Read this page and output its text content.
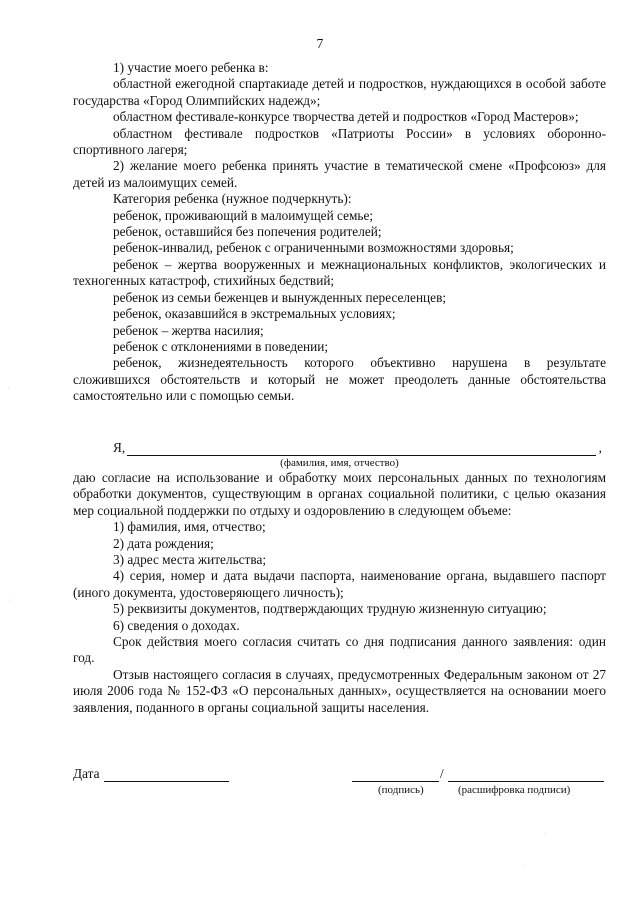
7
1) участие моего ребенка в:
областной ежегодной спартакиаде детей и подростков, нуждающихся в особой заботе государства «Город Олимпийских надежд»;
областном фестивале-конкурсе творчества детей и подростков «Город Мастеров»;
областном фестивале подростков «Патриоты России» в условиях оборонно-спортивного лагеря;
2) желание моего ребенка принять участие в тематической смене «Профсоюз» для детей из малоимущих семей.
Категория ребенка (нужное подчеркнуть):
ребенок, проживающий в малоимущей семье;
ребенок, оставшийся без попечения родителей;
ребенок-инвалид, ребенок с ограниченными возможностями здоровья;
ребенок – жертва вооруженных и межнациональных конфликтов, экологических и техногенных катастроф, стихийных бедствий;
ребенок из семьи беженцев и вынужденных переселенцев;
ребенок, оказавшийся в экстремальных условиях;
ребенок – жертва насилия;
ребенок с отклонениями в поведении;
ребенок, жизнедеятельность которого объективно нарушена в результате сложившихся обстоятельств и который не может преодолеть данные обстоятельства самостоятельно или с помощью семьи.
Я,	,
(фамилия, имя, отчество)
даю согласие на использование и обработку моих персональных данных по технологиям обработки документов, существующим в органах социальной политики, с целью оказания мер социальной поддержки по отдыху и оздоровлению в следующем объеме:
1) фамилия, имя, отчество;
2) дата рождения;
3) адрес места жительства;
4) серия, номер и дата выдачи паспорта, наименование органа, выдавшего паспорт (иного документа, удостоверяющего личность);
5) реквизиты документов, подтверждающих трудную жизненную ситуацию;
6) сведения о доходах.
Срок действия моего согласия считать со дня подписания данного заявления: один год.
Отзыв настоящего согласия в случаях, предусмотренных Федеральным законом от 27 июля 2006 года № 152-ФЗ «О персональных данных», осуществляется на основании моего заявления, поданного в органы социальной защиты населения.
Дата	/
(подпись)	(расшифровка подписи)
·
·
·
·
